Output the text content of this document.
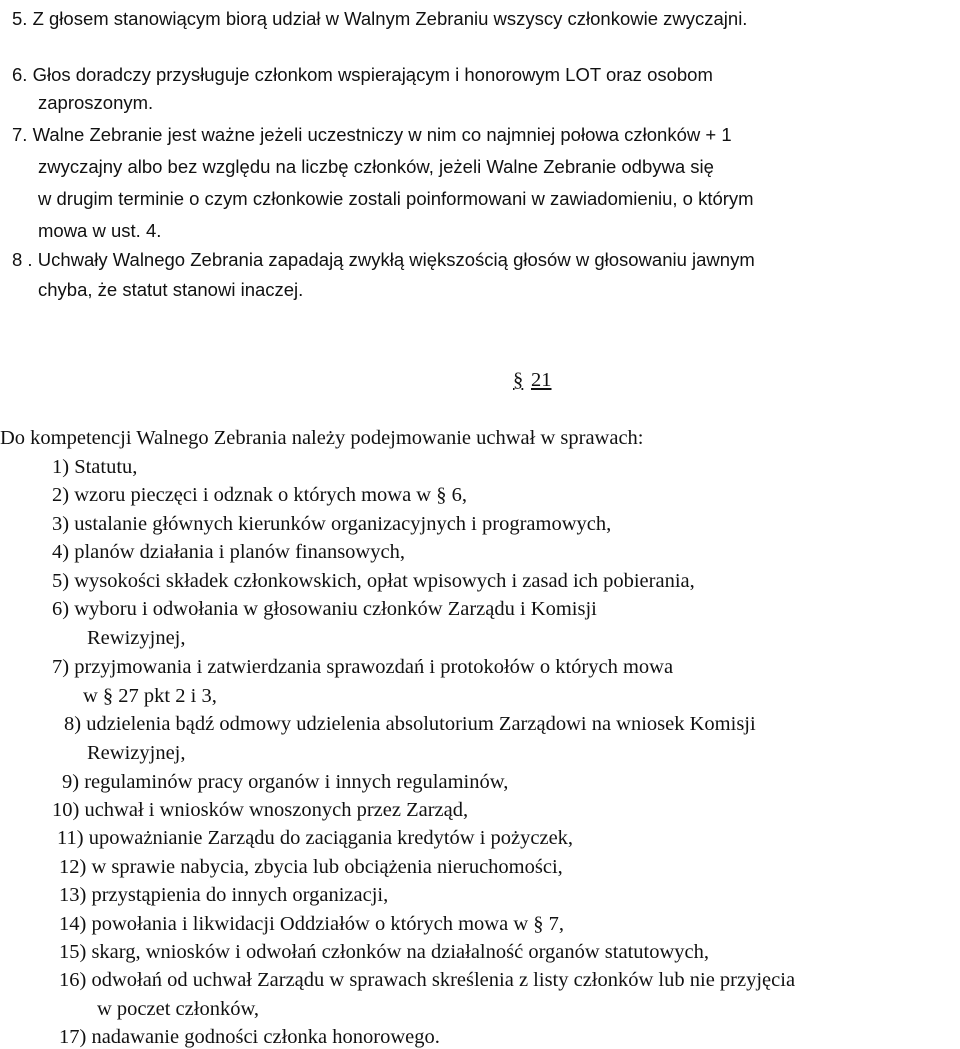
5. Z głosem stanowiącym biorą udział w Walnym Zebraniu wszyscy członkowie zwyczajni.

6. Głos doradczy przysługuje członkom wspierającym i honorowym LOT oraz osobom

zaproszonym.

7. Walne Zebranie jest ważne jeżeli uczestniczy w nim co najmniej połowa członków + 1

zwyczajny albo bez względu na liczbę członków, jeżeli Walne Zebranie odbywa się

w drugim terminie o czym członkowie zostali poinformowani w zawiadomieniu, o którym

mowa w ust. 4.

8 . Uchwały Walnego Zebrania zapadają zwykłą większością głosów w głosowaniu jawnym

chyba, że statut stanowi inaczej.

§ 21

Do kompetencji Walnego Zebrania należy podejmowanie uchwał w sprawach:

1) Statutu,

2) wzoru pieczęci i odznak o których mowa w § 6,

3) ustalanie głównych kierunków organizacyjnych i programowych,

4) planów działania i planów finansowych,

5) wysokości składek członkowskich, opłat wpisowych i zasad ich pobierania,

6) wyboru i odwołania w głosowaniu członków Zarządu i Komisji

Rewizyjnej,

7) przyjmowania i zatwierdzania sprawozdań i protokołów o których mowa

w § 27 pkt 2 i 3,

8) udzielenia bądź odmowy udzielenia absolutorium Zarządowi na wniosek Komisji

Rewizyjnej,

9) regulaminów pracy organów i innych regulaminów,

10) uchwał i wniosków wnoszonych przez Zarząd,

11) upoważnianie Zarządu do zaciągania kredytów i pożyczek,

12) w sprawie nabycia, zbycia lub obciążenia nieruchomości,

13) przystąpienia do innych organizacji,

14) powołania i likwidacji Oddziałów o których mowa w § 7,

15) skarg, wniosków i odwołań członków na działalność organów statutowych,

16) odwołań od uchwał Zarządu w sprawach skreślenia z listy członków lub nie przyjęcia

w poczet członków,

17) nadawanie godności członka honorowego.
